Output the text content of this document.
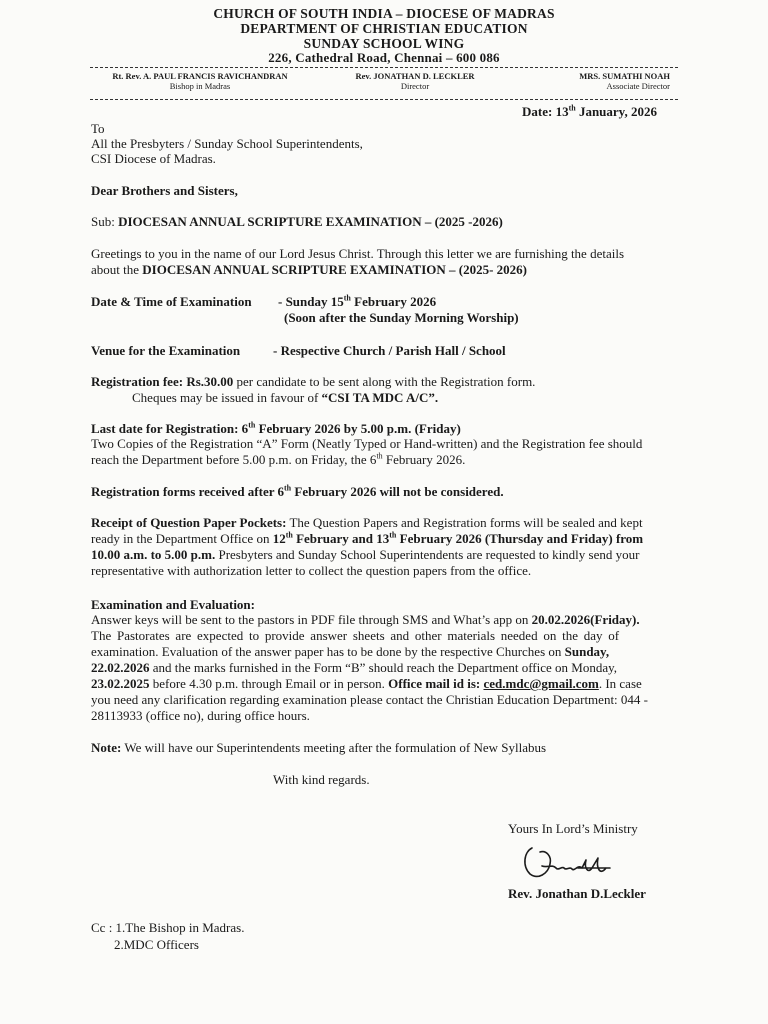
CHURCH OF SOUTH INDIA – DIOCESE OF MADRAS
DEPARTMENT OF CHRISTIAN EDUCATION
SUNDAY SCHOOL WING
226, Cathedral Road, Chennai – 600 086
Rt. Rev. A. PAUL FRANCIS RAVICHANDRAN
Bishop in Madras
Rev. JONATHAN D. LECKLER
Director
MRS. SUMATHI NOAH
Associate Director
Date: 13th January, 2026
To
All the Presbyters / Sunday School Superintendents,
CSI Diocese of Madras.
Dear Brothers and Sisters,
Sub: DIOCESAN ANNUAL SCRIPTURE EXAMINATION – (2025 -2026)
Greetings to you in the name of our Lord Jesus Christ. Through this letter we are furnishing the details
about the DIOCESAN ANNUAL SCRIPTURE EXAMINATION – (2025- 2026)
Date & Time of Examination - Sunday 15th February 2026
(Soon after the Sunday Morning Worship)
Venue for the Examination	- Respective Church / Parish Hall / School
Registration fee: Rs.30.00 per candidate to be sent along with the Registration form.
Cheques may be issued in favour of “CSI TA MDC A/C”.
Last date for Registration: 6th February 2026 by 5.00 p.m. (Friday)
Two Copies of the Registration “A” Form (Neatly Typed or Hand-written) and the Registration fee should
reach the Department before 5.00 p.m. on Friday, the 6th February 2026.
Registration forms received after 6th February 2026 will not be considered.
Receipt of Question Paper Pockets: The Question Papers and Registration forms will be sealed and kept
ready in the Department Office on 12th February and 13th February 2026 (Thursday and Friday) from
10.00 a.m. to 5.00 p.m. Presbyters and Sunday School Superintendents are requested to kindly send your
representative with authorization letter to collect the question papers from the office.
Examination and Evaluation:
Answer keys will be sent to the pastors in PDF file through SMS and What’s app on 20.02.2026(Friday).
The Pastorates are expected to provide answer sheets and other materials needed on the day of
examination. Evaluation of the answer paper has to be done by the respective Churches on Sunday,
22.02.2026 and the marks furnished in the Form “B” should reach the Department office on Monday,
23.02.2025 before 4.30 p.m. through Email or in person. Office mail id is: ced.mdc@gmail.com. In case
you need any clarification regarding examination please contact the Christian Education Department: 044 -
28113933 (office no), during office hours.
Note: We will have our Superintendents meeting after the formulation of New Syllabus
With kind regards.
Yours In Lord’s Ministry
Rev. Jonathan D.Leckler
Cc : 1.The Bishop in Madras.
2.MDC Officers
